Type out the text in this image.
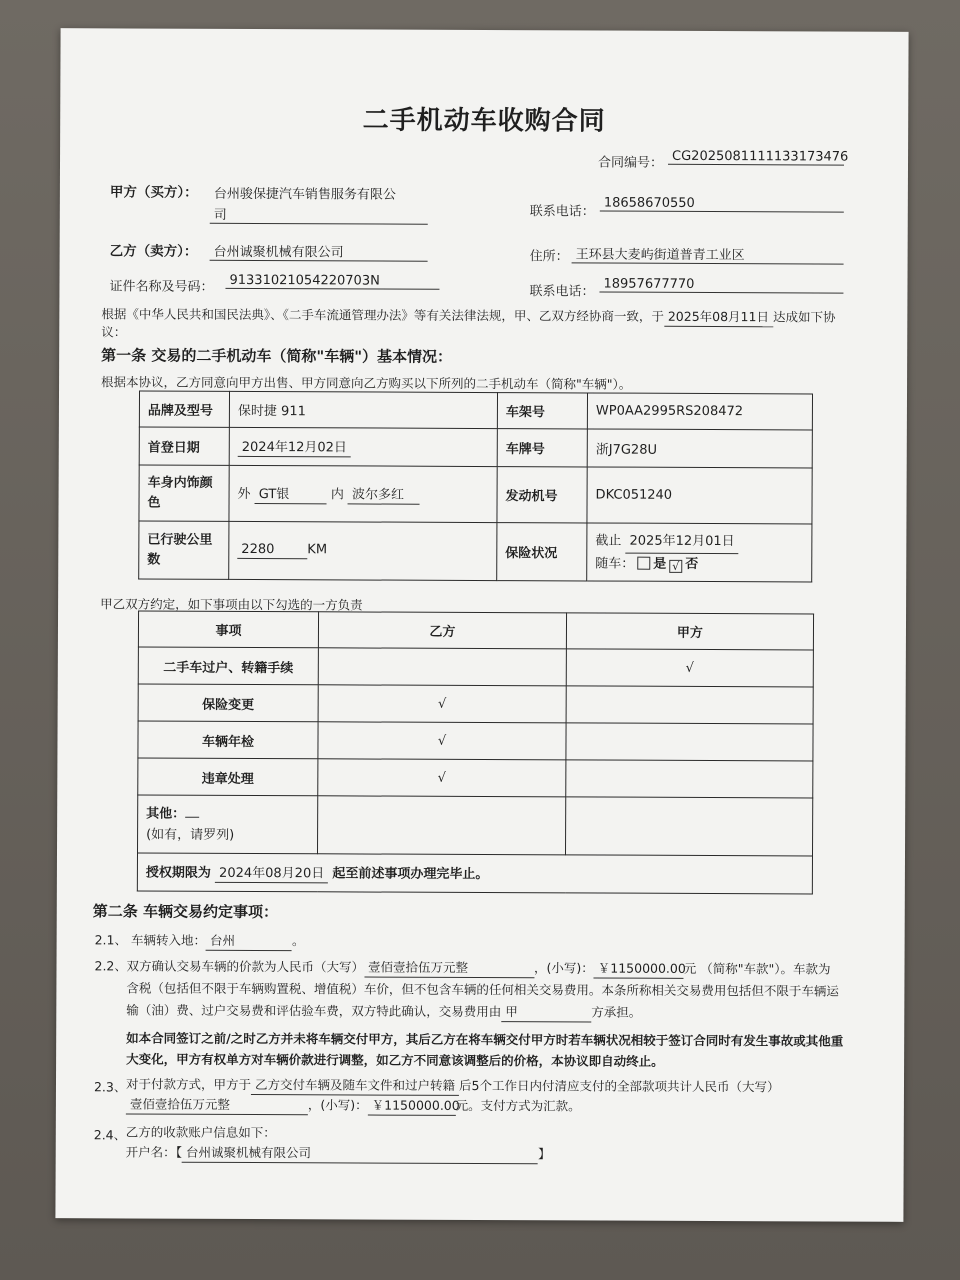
二手机动车收购合同
合同编号： CG2025081111133173476
甲方（买方）：	台州骏保捷汽车销售服务有限公
司	联系电话：
18658670550
乙方（卖方）：	台州诚聚机械有限公司	住所： 王环县大麦屿街道普青工业区
证件名称及号码：	91331021054220703N
联系电话： 18957677770
根据《中华人民共和国民法典》、《二手车流通管理办法》等有关法律法规，甲、乙双方经协商一致，于 2025年08月11日 达成如下协
议：
第一条 交易的二手机动车（简称"车辆"）基本情况：
根据本协议，乙方同意向甲方出售、甲方同意向乙方购买以下所列的二手机动车（简称"车辆"）。
品牌及型号	保时捷 911	车架号	WP0AA2995RS208472
首登日期	2024年12月02日	车牌号	浙J7G28U
车身内饰颜
色	外 GT银 内 波尔多红	发动机号	DKC051240
已行驶公里
数	2280 KM	保险状况	截止 2025年12月01日
随车： 是 √ 否
甲乙双方约定，如下事项由以下勾选的一方负责
事项	乙方	甲方
二手车过户、转籍手续		√
保险变更	√	
车辆年检	√	
违章处理	√	
其他：
(如有，请罗列)		
授权期限为 2024年08月20日 起至前述事项办理完毕止。		
第二条 车辆交易约定事项：
2.1、 车辆转入地： 台州	。
2.2、 双方确认交易车辆的价款为人民币（大写） 壹佰壹拾伍万元整	，(小写)： ￥1150000.00元 （简称"车款"）。车款为
含税（包括但不限于车辆购置税、增值税）车价，但不包含车辆的任何相关交易费用。本条所称相关交易费用包括但不限于车辆运
输（油）费、过户交易费和评估验车费，双方特此确认，交易费用由 甲	方承担。
如本合同签订之前/之时乙方并未将车辆交付甲方，其后乙方在将车辆交付甲方时若车辆状况相较于签订合同时有发生事故或其他重
大变化，甲方有权单方对车辆价款进行调整，如乙方不同意该调整后的价格，本协议即自动终止。
2.3、 对于付款方式，甲方于 乙方交付车辆及随车文件和过户转籍 后5个工作日内付清应支付的全部款项共计人民币（大写）
壹佰壹拾伍万元整	，(小写)： ￥1150000.00元。支付方式为汇款。
2.4、 乙方的收款账户信息如下：
开户名：【 台州诚聚机械有限公司	】
